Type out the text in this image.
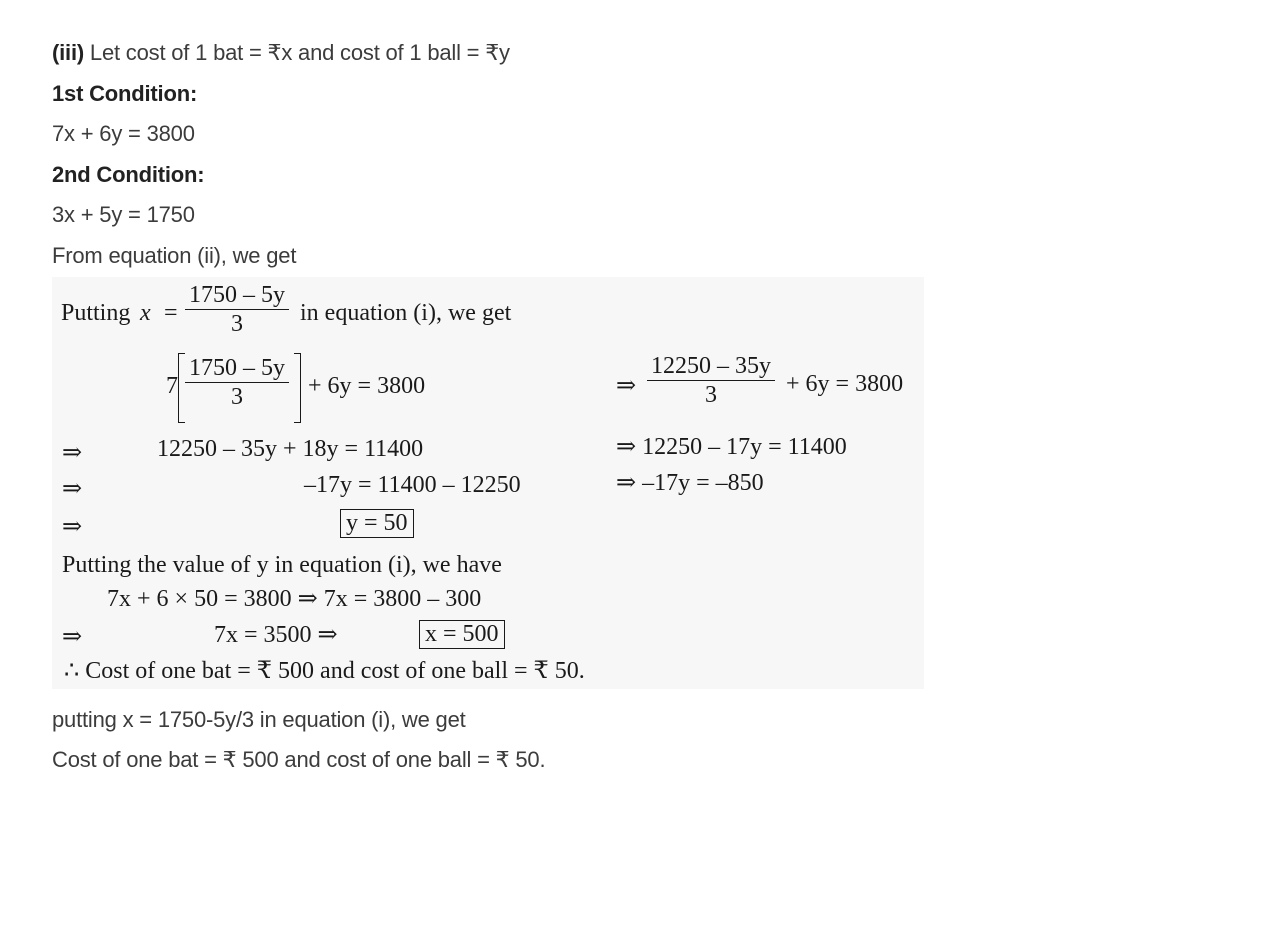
(iii) Let cost of 1 bat = ₹x and cost of 1 ball = ₹y
1st Condition:
7x + 6y = 3800
2nd Condition:
3x + 5y = 1750
From equation (ii), we get
Putting x =
1750 – 5y
3	in equation (i), we get
7
1750 – 5y
3	+ 6y = 3800	⇒
12250 – 35y
3	+ 6y = 3800
⇒	12250 – 35y + 18y = 11400	⇒ 12250 – 17y = 11400
⇒	–17y = 11400 – 12250	⇒ –17y = –850
⇒	y = 50
Putting the value of y in equation (i), we have
7x + 6 × 50 = 3800 ⇒ 7x = 3800 – 300
⇒	7x = 3500 ⇒	x = 500
∴ Cost of one bat = ₹ 500 and cost of one ball = ₹ 50.
putting x = 1750-5y/3 in equation (i), we get
Cost of one bat = ₹ 500 and cost of one ball = ₹ 50.
